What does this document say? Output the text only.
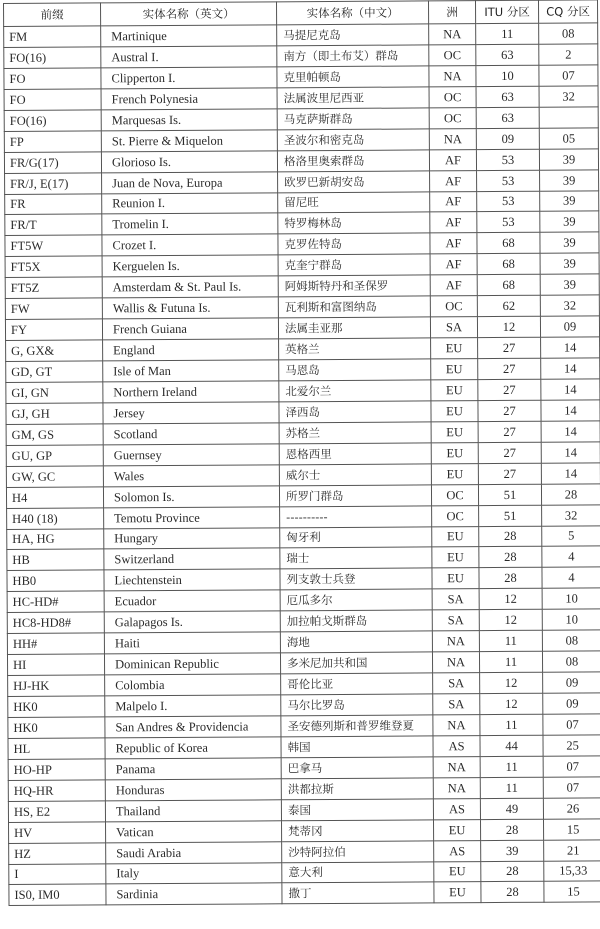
前缀	实体名称（英文）	实体名称（中文）	洲	ITU 分区	CQ 分区
FM	Martinique	马提尼克岛	NA	11	08
FO(16)	Austral I.	南方（即土布艾）群岛	OC	63	2
FO	Clipperton I.	克里帕顿岛	NA	10	07
FO	French Polynesia	法属波里尼西亚	OC	63	32
FO(16)	Marquesas Is.	马克萨斯群岛	OC	63	
FP	St. Pierre & Miquelon	圣波尔和密克岛	NA	09	05
FR/G(17)	Glorioso Is.	格洛里奥索群岛	AF	53	39
FR/J, E(17)	Juan de Nova, Europa	欧罗巴新胡安岛	AF	53	39
FR	Reunion I.	留尼旺	AF	53	39
FR/T	Tromelin I.	特罗梅林岛	AF	53	39
FT5W	Crozet I.	克罗佐特岛	AF	68	39
FT5X	Kerguelen Is.	克奎宁群岛	AF	68	39
FT5Z	Amsterdam & St. Paul Is.	阿姆斯特丹和圣保罗	AF	68	39
FW	Wallis & Futuna Is.	瓦利斯和富图纳岛	OC	62	32
FY	French Guiana	法属圭亚那	SA	12	09
G, GX&	England	英格兰	EU	27	14
GD, GT	Isle of Man	马恩岛	EU	27	14
GI, GN	Northern Ireland	北爱尔兰	EU	27	14
GJ, GH	Jersey	泽西岛	EU	27	14
GM, GS	Scotland	苏格兰	EU	27	14
GU, GP	Guernsey	恩格西里	EU	27	14
GW, GC	Wales	威尔士	EU	27	14
H4	Solomon Is.	所罗门群岛	OC	51	28
H40 (18)	Temotu Province	----------	OC	51	32
HA, HG	Hungary	匈牙利	EU	28	5
HB	Switzerland	瑞士	EU	28	4
HB0	Liechtenstein	列支敦士兵登	EU	28	4
HC-HD#	Ecuador	厄瓜多尔	SA	12	10
HC8-HD8#	Galapagos Is.	加拉帕戈斯群岛	SA	12	10
HH#	Haiti	海地	NA	11	08
HI	Dominican Republic	多米尼加共和国	NA	11	08
HJ-HK	Colombia	哥伦比亚	SA	12	09
HK0	Malpelo I.	马尔比罗岛	SA	12	09
HK0	San Andres & Providencia	圣安德列斯和普罗维登夏	NA	11	07
HL	Republic of Korea	韩国	AS	44	25
HO-HP	Panama	巴拿马	NA	11	07
HQ-HR	Honduras	洪都拉斯	NA	11	07
HS, E2	Thailand	泰国	AS	49	26
HV	Vatican	梵蒂冈	EU	28	15
HZ	Saudi Arabia	沙特阿拉伯	AS	39	21
I	Italy	意大利	EU	28	15,33
IS0, IM0	Sardinia	撒丁	EU	28	15
